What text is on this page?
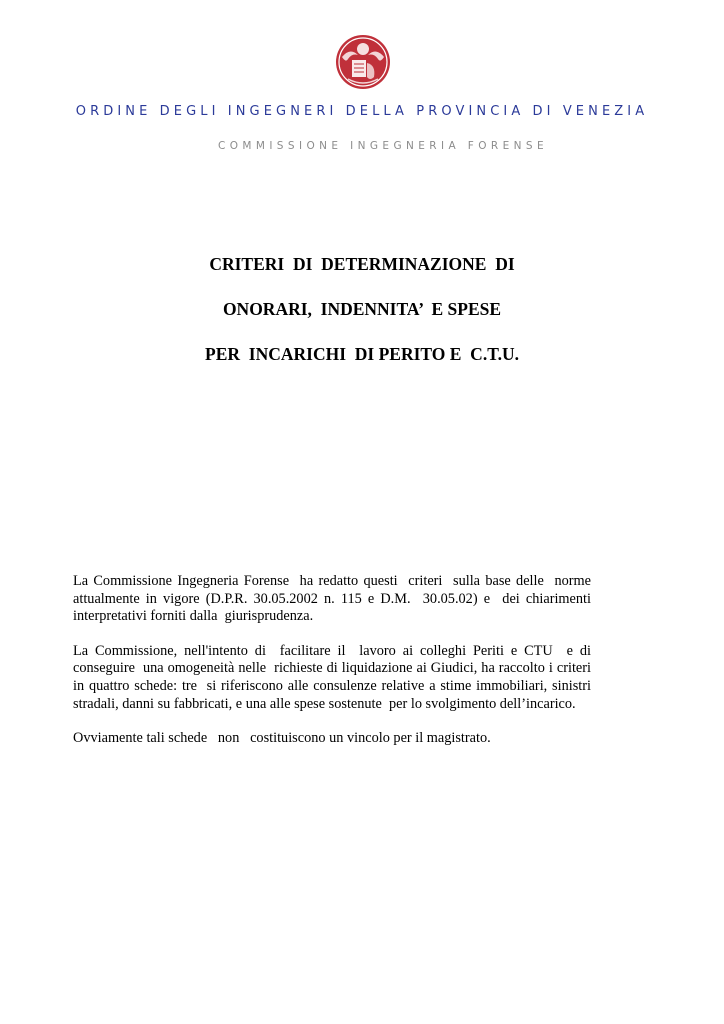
ORDINE DEGLI INGEGNERI DELLA PROVINCIA DI VENEZIA
COMMISSIONE INGEGNERIA FORENSE
CRITERI  DI  DETERMINAZIONE  DI
ONORARI,  INDENNITA’  E SPESE
PER  INCARICHI  DI PERITO E  C.T.U.

La Commissione Ingegneria Forense  ha redatto questi  criteri  sulla base delle  norme attualmente in vigore (D.P.R. 30.05.2002 n. 115 e D.M.  30.05.02) e  dei chiarimenti interpretativi forniti dalla  giurisprudenza.

La Commissione, nell'intento di  facilitare il  lavoro ai colleghi Periti e CTU  e di conseguire  una omogeneità nelle  richieste di liquidazione ai Giudici, ha raccolto i criteri  in quattro schede: tre  si riferiscono alle consulenze relative a stime immobiliari, sinistri stradali, danni su fabbricati, e una alle spese sostenute  per lo svolgimento dell’incarico.

Ovviamente tali schede   non   costituiscono un vincolo per il magistrato.
